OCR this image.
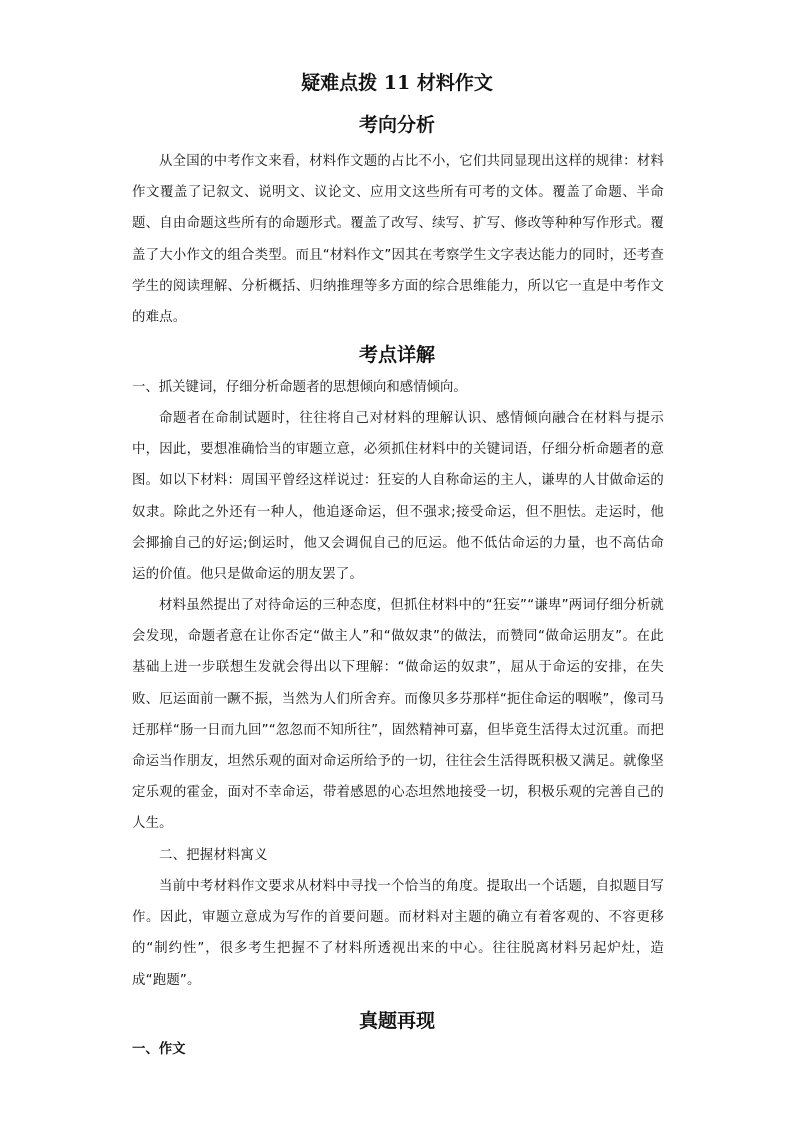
疑难点拨 11 材料作文
考向分析

从全国的中考作文来看，材料作文题的占比不小，它们共同显现出这样的规律：材料作文覆盖了记叙文、说明文、议论文、应用文这些所有可考的文体。覆盖了命题、半命题、自由命题这些所有的命题形式。覆盖了改写、续写、扩写、修改等种种写作形式。覆盖了大小作文的组合类型。而且“材料作文”因其在考察学生文字表达能力的同时，还考查学生的阅读理解、分析概括、归纳推理等多方面的综合思维能力，所以它一直是中考作文的难点。

考点详解

一、抓关键词，仔细分析命题者的思想倾向和感情倾向。

命题者在命制试题时，往往将自己对材料的理解认识、感情倾向融合在材料与提示中，因此，要想准确恰当的审题立意，必须抓住材料中的关键词语，仔细分析命题者的意图。如以下材料：周国平曾经这样说过：狂妄的人自称命运的主人，谦卑的人甘做命运的奴隶。除此之外还有一种人，他追逐命运，但不强求;接受命运，但不胆怯。走运时，他会揶揄自己的好运;倒运时，他又会调侃自己的厄运。他不低估命运的力量，也不高估命运的价值。他只是做命运的朋友罢了。

材料虽然提出了对待命运的三种态度，但抓住材料中的“狂妄”“谦卑”两词仔细分析就会发现，命题者意在让你否定“做主人”和“做奴隶”的做法，而赞同“做命运朋友”。在此基础上进一步联想生发就会得出以下理解：“做命运的奴隶”，屈从于命运的安排，在失败、厄运面前一蹶不振，当然为人们所舍弃。而像贝多芬那样“扼住命运的咽喉”，像司马迁那样“肠一日而九回”“忽忽而不知所往”，固然精神可嘉，但毕竟生活得太过沉重。而把命运当作朋友，坦然乐观的面对命运所给予的一切，往往会生活得既积极又满足。就像坚定乐观的霍金，面对不幸命运，带着感恩的心态坦然地接受一切，积极乐观的完善自己的人生。

二、把握材料寓义

当前中考材料作文要求从材料中寻找一个恰当的角度。提取出一个话题，自拟题目写作。因此，审题立意成为写作的首要问题。而材料对主题的确立有着客观的、不容更移的“制约性”，很多考生把握不了材料所透视出来的中心。往往脱离材料另起炉灶，造成“跑题”。

真题再现

一、作文
